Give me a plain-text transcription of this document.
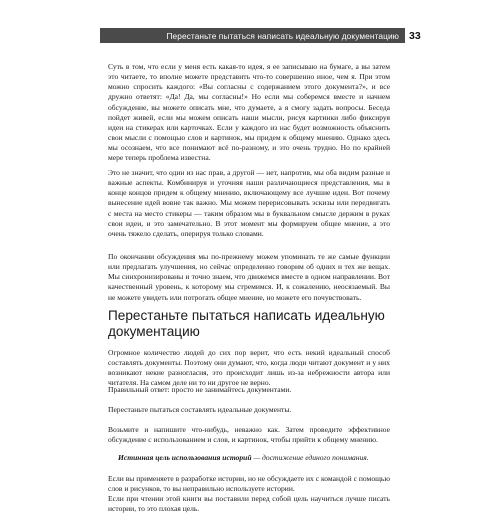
Перестаньте пытаться написать идеальную документацию 33

Суть в том, что если у меня есть какая-то идея, я ее записываю на бумаге, а вы затем это читаете, то вполне можете представить что-то совершенно иное, чем я. При этом можно спросить каждого: «Вы согласны с содержанием этого документа?», и все дружно ответят: «Да! Да, мы согласны!» Но если мы соберемся вместе и начнем обсуждение, вы можете описать мне, что думаете, а я смогу задать вопросы. Беседа пойдет живей, если мы можем описать наши мысли, рисуя картинки либо фиксируя идеи на стикерах или карточках. Если у каждого из нас будет возможность объяснить свои мысли с помощью слов и картинок, мы придем к общему мнению. Однако здесь мы осознаем, что все понимают всё по-разному, и это очень трудно. Но по крайней мере теперь проблема известна.

Это не значит, что один из нас прав, а другой — нет, напротив, мы оба видим разные и важные аспекты. Комбинируя и уточняя наши различающиеся представления, мы в конце концов придем к общему мнению, включающему все лучшие идеи. Вот почему вынесение идей вовне так важно. Мы можем перерисовывать эскизы или передвигать с места на место стикеры — таким образом мы в буквальном смысле держим в руках свои идеи, и это замечательно. В этот момент мы формируем общее мнение, а это очень тяжело сделать, оперируя только словами.

По окончании обсуждения мы по-прежнему можем упоминать те же самые функции или предлагать улучшения, но сейчас определенно говорим об одних и тех же вещах. Мы синхронизированы и точно знаем, что движемся вместе в одном направлении. Вот качественный уровень, к которому мы стремимся. И, к сожалению, неосязаемый. Вы не можете увидеть или потрогать общее мнение, но можете его почувствовать.

Перестаньте пытаться написать идеальную документацию

Огромное количество людей до сих пор верит, что есть некий идеальный способ составлять документы. Поэтому они думают, что, когда люди читают документ и у них возникают некие разногласия, это происходит лишь из-за небрежности автора или читателя. На самом деле ни то ни другое не верно.

Правильный ответ: просто не занимайтесь документами.

Перестаньте пытаться составлять идеальные документы.

Возьмите и напишите что-нибудь, неважно как. Затем проведите эффективное обсуждение с использованием и слов, и картинок, чтобы прийти к общему мнению.

Истинная цель использования историй — достижение единого понимания.

Если вы применяете в разработке истории, но не обсуждаете их с командой с помощью слов и рисунков, то вы неправильно используете истории.

Если при чтении этой книги вы поставили перед собой цель научиться лучше писать истории, то это плохая цель.
